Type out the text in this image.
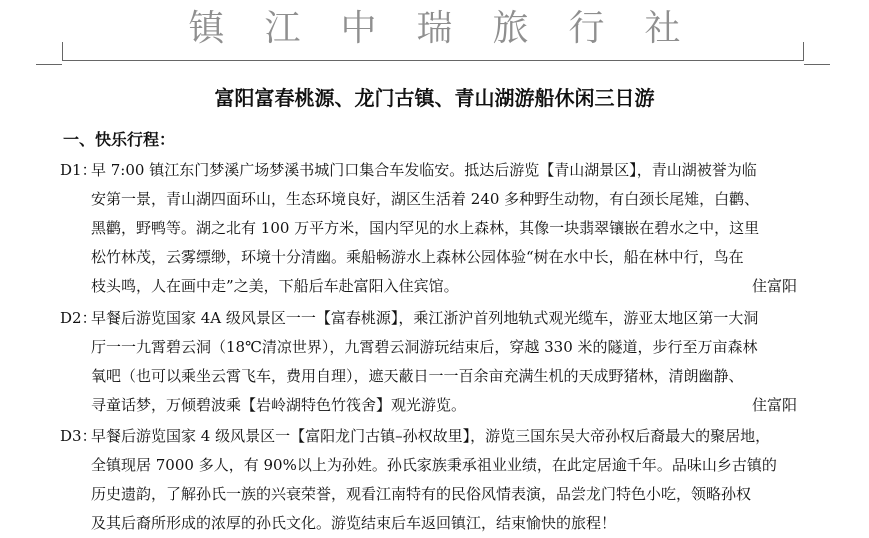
镇江中瑞旅行社
富阳富春桃源、龙门古镇、青山湖游船休闲三日游
一、快乐行程：
D1：
早 7:00 镇江东门梦溪广场梦溪书城门口集合车发临安。抵达后游览【青山湖景区】，青山湖被誉为临
安第一景，青山湖四面环山，生态环境良好，湖区生活着 240 多种野生动物，有白颈长尾雉，白鹳、
黑鹳，野鸭等。湖之北有 100 万平方米，国内罕见的水上森林，其像一块翡翠镶嵌在碧水之中，这里
松竹林茂，云雾缥缈，环境十分清幽。乘船畅游水上森林公园体验“树在水中长，船在林中行，鸟在
枝头鸣，人在画中走”之美，下船后车赴富阳入住宾馆。	住富阳
D2：
早餐后游览国家 4A 级风景区一一【富春桃源】，乘江浙沪首列地轨式观光缆车，游亚太地区第一大洞
厅一一九霄碧云洞（18℃清凉世界），九霄碧云洞游玩结束后，穿越 330 米的隧道，步行至万亩森林
氧吧（也可以乘坐云霄飞车，费用自理），遮天蔽日一一百余亩充满生机的天成野猪林，清朗幽静、
寻童话梦，万倾碧波乘【岩岭湖特色竹筏舍】观光游览。	住富阳
D3：
早餐后游览国家 4 级风景区一【富阳龙门古镇–孙权故里】，游览三国东吴大帝孙权后裔最大的聚居地，
全镇现居 7000 多人，有 90%以上为孙姓。孙氏家族秉承祖业业绩，在此定居逾千年。品味山乡古镇的
历史遗韵，了解孙氏一族的兴衰荣誉，观看江南特有的民俗风情表演，品尝龙门特色小吃，领略孙权
及其后裔所形成的浓厚的孙氏文化。游览结束后车返回镇江，结束愉快的旅程！
